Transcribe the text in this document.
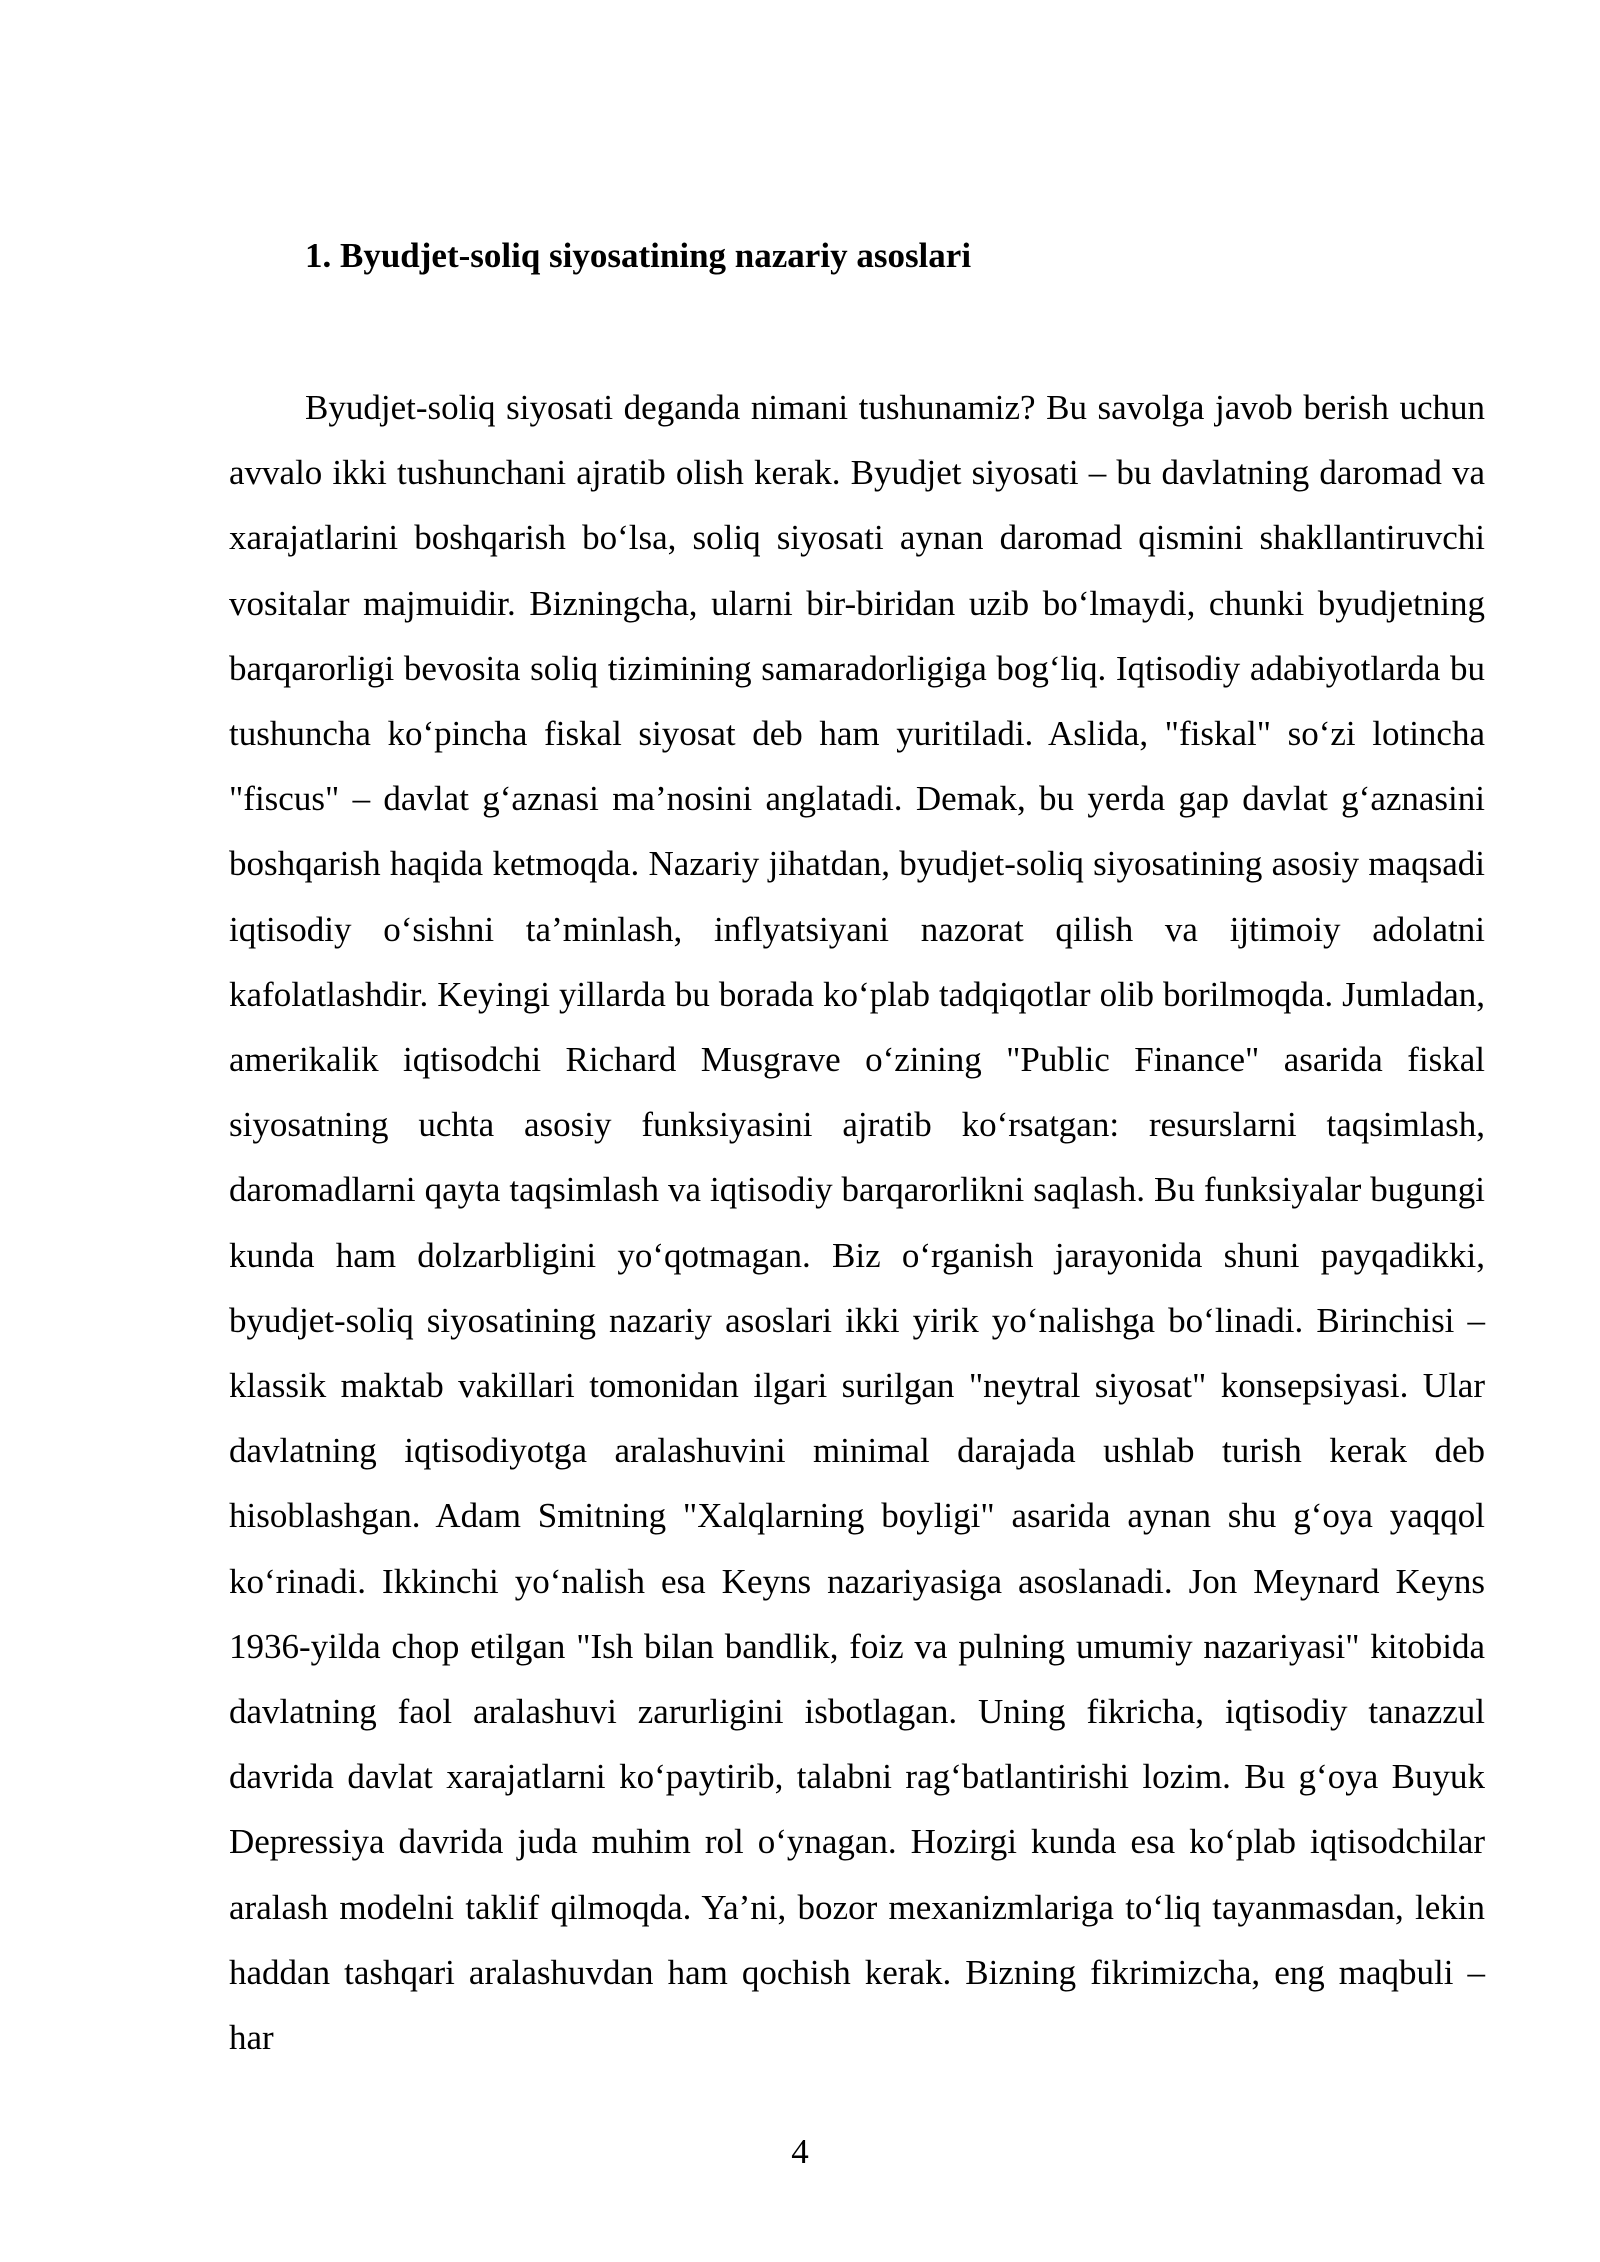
1. Byudjet-soliq siyosatining nazariy asoslari

Byudjet-soliq siyosati deganda nimani tushunamiz? Bu savolga javob berish uchun avvalo ikki tushunchani ajratib olish kerak. Byudjet siyosati – bu davlatning daromad va xarajatlarini boshqarish bo‘lsa, soliq siyosati aynan daromad qismini shakllantiruvchi vositalar majmuidir. Bizningcha, ularni bir-biridan uzib bo‘lmaydi, chunki byudjetning barqarorligi bevosita soliq tizimining samaradorligiga bog‘liq. Iqtisodiy adabiyotlarda bu tushuncha ko‘pincha fiskal siyosat deb ham yuritiladi. Aslida, "fiskal" so‘zi lotincha "fiscus" – davlat g‘aznasi ma’nosini anglatadi. Demak, bu yerda gap davlat g‘aznasini boshqarish haqida ketmoqda. Nazariy jihatdan, byudjet-soliq siyosatining asosiy maqsadi iqtisodiy o‘sishni ta’minlash, inflyatsiyani nazorat qilish va ijtimoiy adolatni kafolatlashdir. Keyingi yillarda bu borada ko‘plab tadqiqotlar olib borilmoqda. Jumladan, amerikalik iqtisodchi Richard Musgrave o‘zining "Public Finance" asarida fiskal siyosatning uchta asosiy funksiyasini ajratib ko‘rsatgan: resurslarni taqsimlash, daromadlarni qayta taqsimlash va iqtisodiy barqarorlikni saqlash. Bu funksiyalar bugungi kunda ham dolzarbligini yo‘qotmagan. Biz o‘rganish jarayonida shuni payqadikki, byudjet-soliq siyosatining nazariy asoslari ikki yirik yo‘nalishga bo‘linadi. Birinchisi – klassik maktab vakillari tomonidan ilgari surilgan "neytral siyosat" konsepsiyasi. Ular davlatning iqtisodiyotga aralashuvini minimal darajada ushlab turish kerak deb hisoblashgan. Adam Smitning "Xalqlarning boyligi" asarida aynan shu g‘oya yaqqol ko‘rinadi. Ikkinchi yo‘nalish esa Keyns nazariyasiga asoslanadi. Jon Meynard Keyns 1936-yilda chop etilgan "Ish bilan bandlik, foiz va pulning umumiy nazariyasi" kitobida davlatning faol aralashuvi zarurligini isbotlagan. Uning fikricha, iqtisodiy tanazzul davrida davlat xarajatlarni ko‘paytirib, talabni rag‘batlantirishi lozim. Bu g‘oya Buyuk Depressiya davrida juda muhim rol o‘ynagan. Hozirgi kunda esa ko‘plab iqtisodchilar aralash modelni taklif qilmoqda. Ya’ni, bozor mexanizmlariga to‘liq tayanmasdan, lekin haddan tashqari aralashuvdan ham qochish kerak. Bizning fikrimizcha, eng maqbuli – har

4
